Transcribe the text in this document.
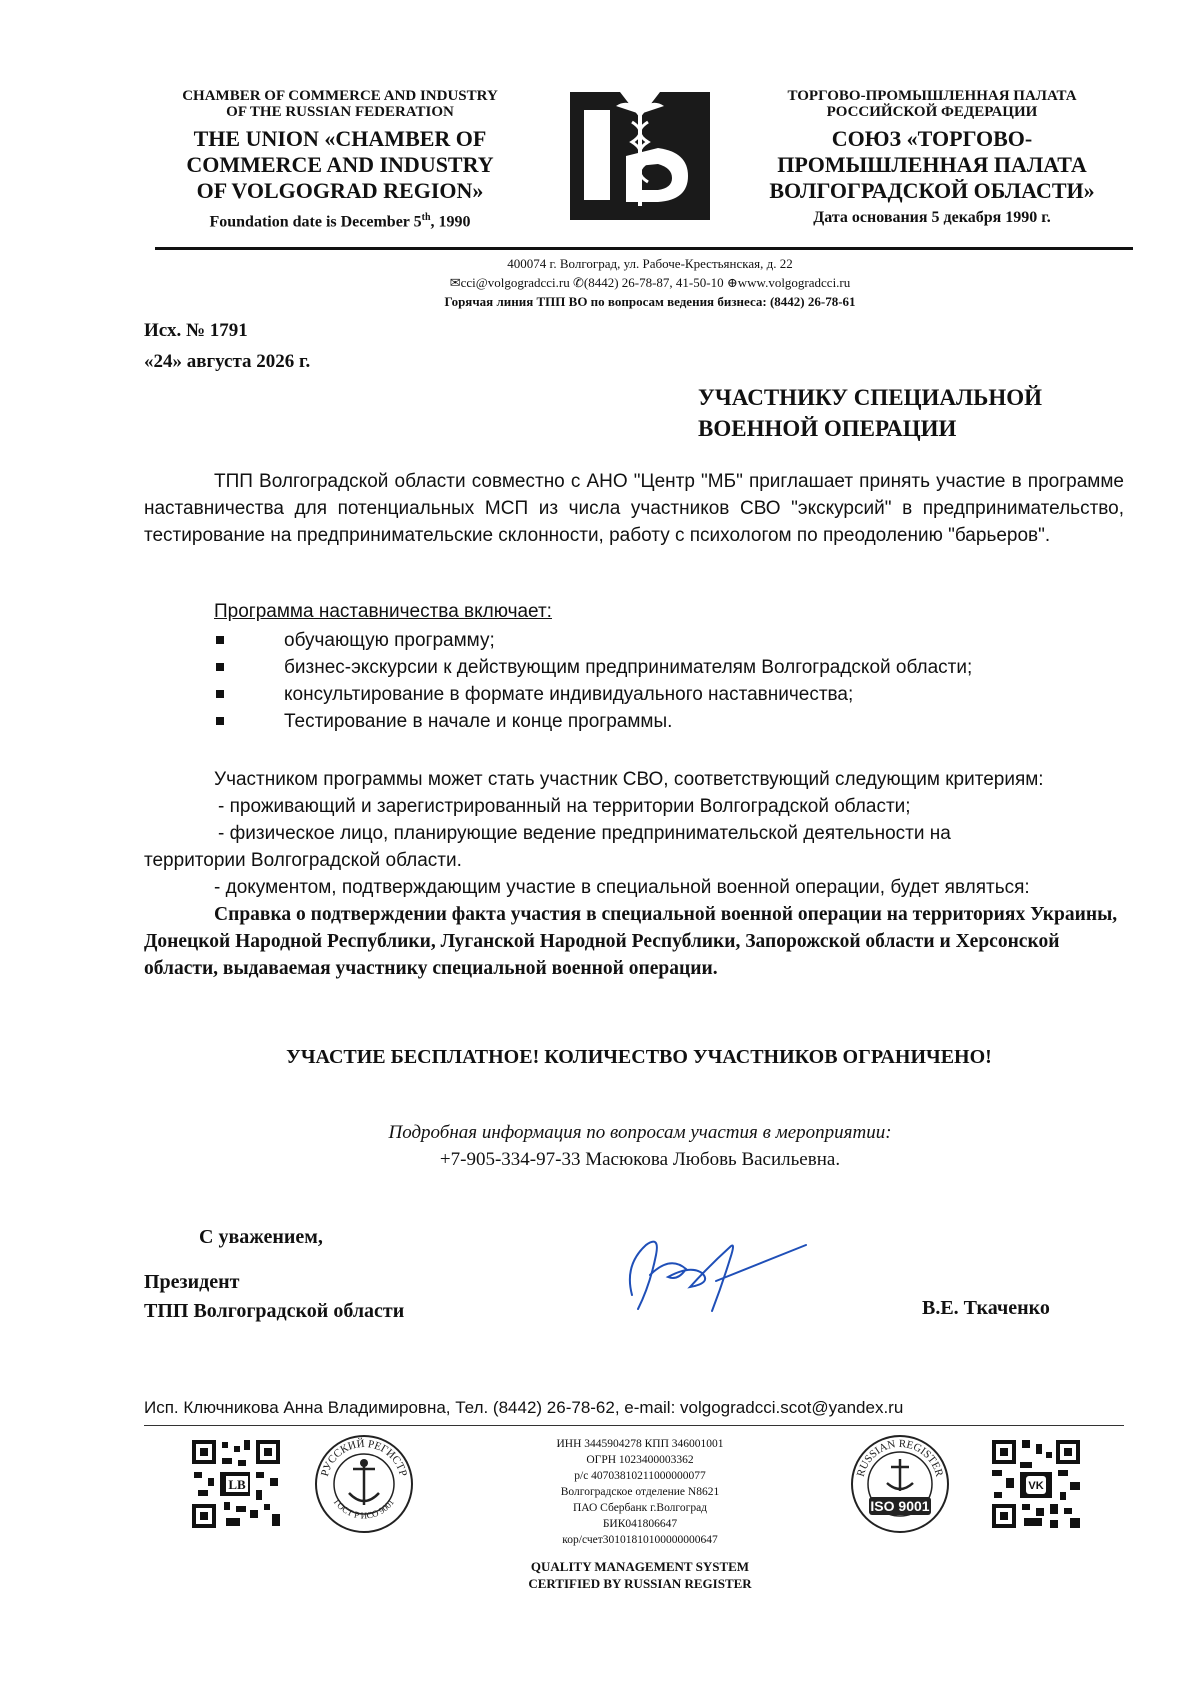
CHAMBER OF COMMERCE AND INDUSTRY
OF THE RUSSIAN FEDERATION
THE UNION «CHAMBER OF
COMMERCE AND INDUSTRY
OF VOLGOGRAD REGION»
Foundation date is December 5th, 1990
ТОРГОВО-ПРОМЫШЛЕННАЯ ПАЛАТА
РОССИЙСКОЙ ФЕДЕРАЦИИ
СОЮЗ «ТОРГОВО-
ПРОМЫШЛЕННАЯ ПАЛАТА
ВОЛГОГРАДСКОЙ ОБЛАСТИ»
Дата основания 5 декабря 1990 г.
400074 г. Волгоград, ул. Рабоче-Крестьянская, д. 22
✉cci@volgogradcci.ru ✆(8442) 26-78-87, 41-50-10 ⊕www.volgogradcci.ru
Горячая линия ТПП ВО по вопросам ведения бизнеса: (8442) 26-78-61
Исх. № 1791
«24» августа 2026 г.
УЧАСТНИКУ СПЕЦИАЛЬНОЙ
ВОЕННОЙ ОПЕРАЦИИ
ТПП Волгоградской области совместно с АНО "Центр "МБ" приглашает принять участие в программе наставничества для потенциальных МСП из числа участников СВО "экскурсий" в предпринимательство, тестирование на предпринимательские склонности, работу с психологом по преодолению "барьеров".
Программа наставничества включает:
обучающую программу;
бизнес-экскурсии к действующим предпринимателям Волгоградской области;
консультирование в формате индивидуального наставничества;
Тестирование в начале и конце программы.
Участником программы может стать участник СВО, соответствующий следующим критериям:
- проживающий и зарегистрированный на территории Волгоградской области;
- физическое лицо, планирующие ведение предпринимательской деятельности на
территории Волгоградской области.
- документом, подтверждающим участие в специальной военной операции, будет являться:
Справка о подтверждении факта участия в специальной военной операции на территориях Украины, Донецкой Народной Республики, Луганской Народной Республики, Запорожской области и Херсонской области, выдаваемая участнику специальной военной операции.
УЧАСТИЕ БЕСПЛАТНОЕ! КОЛИЧЕСТВО УЧАСТНИКОВ ОГРАНИЧЕНО!
Подробная информация по вопросам участия в мероприятии:
+7-905-334-97-33 Масюкова Любовь Васильевна.
С уважением,
Президент
ТПП Волгоградской области	В.Е. Ткаченко
Исп. Ключникова Анна Владимировна, Тел. (8442) 26-78-62, e-mail: volgogradcci.scot@yandex.ru
LB
РУССКИЙ РЕГИСТР
ГОСТ Р ИСО 9001
ИНН 3445904278 КПП 346001001
ОГРН 1023400003362
р/с 40703810211000000077
Волгоградское отделение N8621
ПАО Сбербанк г.Волгоград
БИК041806647
кор/счет30101810100000000647
RUSSIAN REGISTER
ISO 9001
VK
QUALITY MANAGEMENT SYSTEM
CERTIFIED BY RUSSIAN REGISTER
